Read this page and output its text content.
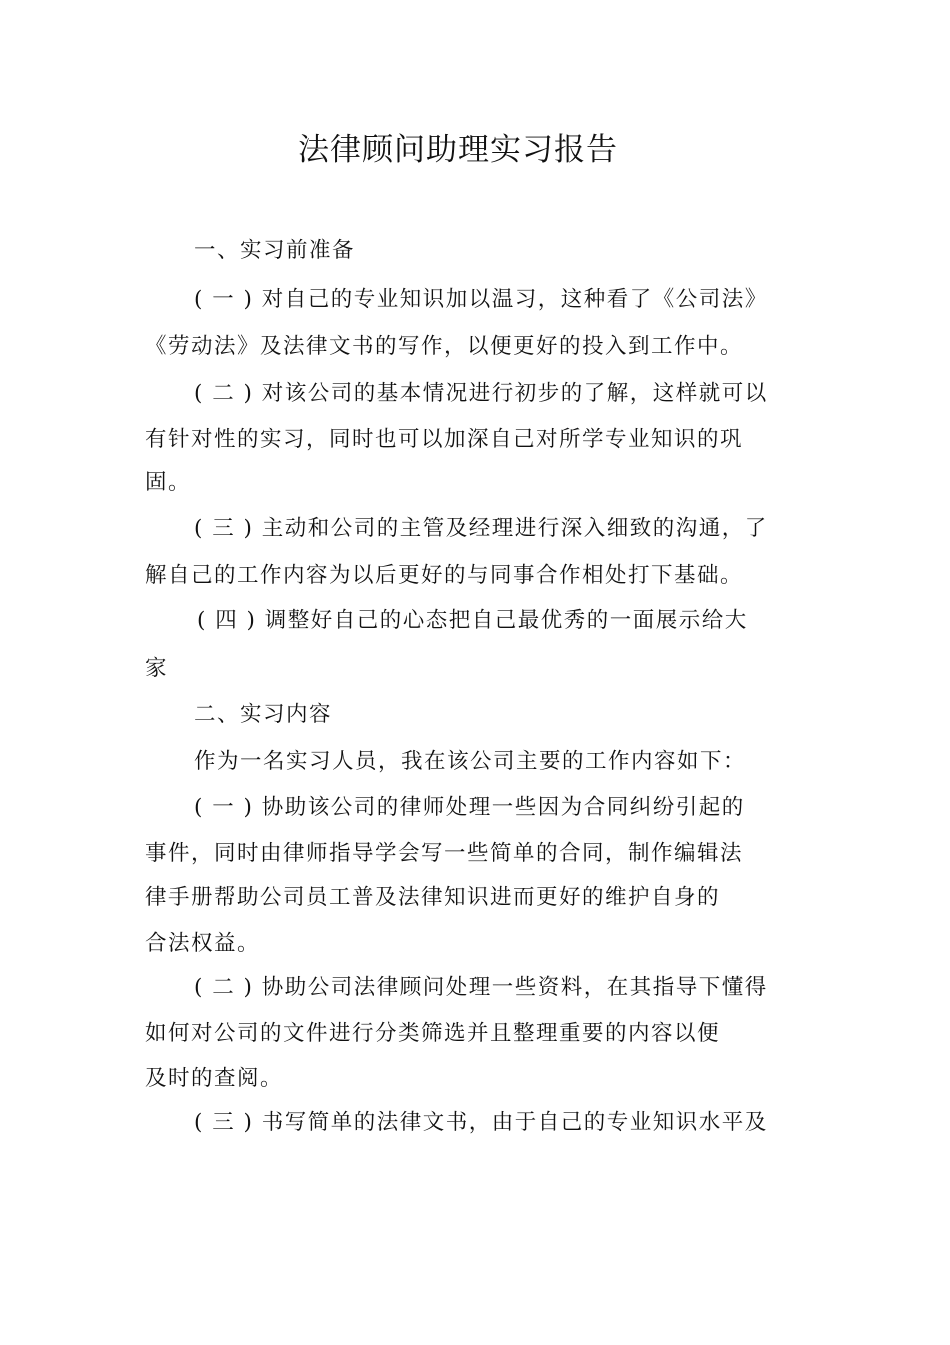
法律顾问助理实习报告
一、实习前准备
( 一 ) 对自己的专业知识加以温习，这种看了《公司法》
《劳动法》及法律文书的写作，以便更好的投入到工作中。
( 二 ) 对该公司的基本情况进行初步的了解，这样就可以
有针对性的实习，同时也可以加深自己对所学专业知识的巩
固。
( 三 ) 主动和公司的主管及经理进行深入细致的沟通，了
解自己的工作内容为以后更好的与同事合作相处打下基础。
( 四 ) 调整好自己的心态把自己最优秀的一面展示给大
家
二、实习内容
作为一名实习人员，我在该公司主要的工作内容如下：
( 一 ) 协助该公司的律师处理一些因为合同纠纷引起的
事件，同时由律师指导学会写一些简单的合同，制作编辑法
律手册帮助公司员工普及法律知识进而更好的维护自身的
合法权益。
( 二 ) 协助公司法律顾问处理一些资料，在其指导下懂得
如何对公司的文件进行分类筛选并且整理重要的内容以便
及时的查阅。
( 三 ) 书写简单的法律文书，由于自己的专业知识水平及
